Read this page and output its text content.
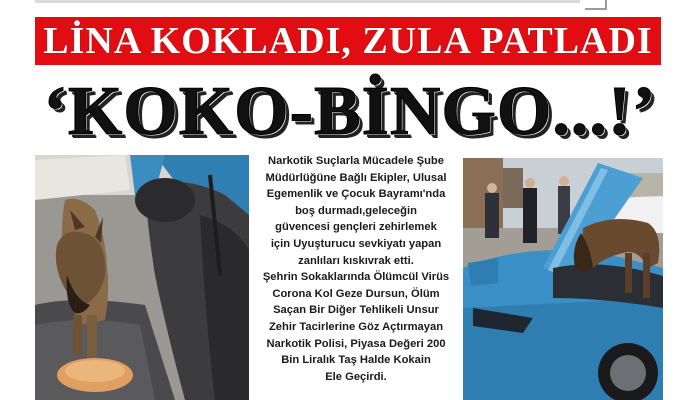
LİNA KOKLADI, ZULA PATLADI
‘KOKO-BİNGO...!’

Narkotik Suçlarla Mücadele Şube

Müdürlüğüne Bağlı Ekipler, Ulusal

Egemenlik ve Çocuk Bayramı'nda

boş durmadı,geleceğin

güvencesi gençleri zehirlemek

için Uyuşturucu sevkiyatı yapan

zanlıları kıskıvrak etti.

Şehrin Sokaklarında Ölümcül Virüs

Corona Kol Geze Dursun, Ölüm

Saçan Bir Diğer Tehlikeli Unsur

Zehir Tacirlerine Göz Açtırmayan

Narkotik Polisi, Piyasa Değeri 200

Bin Liralık Taş Halde Kokain

Ele Geçirdi.
